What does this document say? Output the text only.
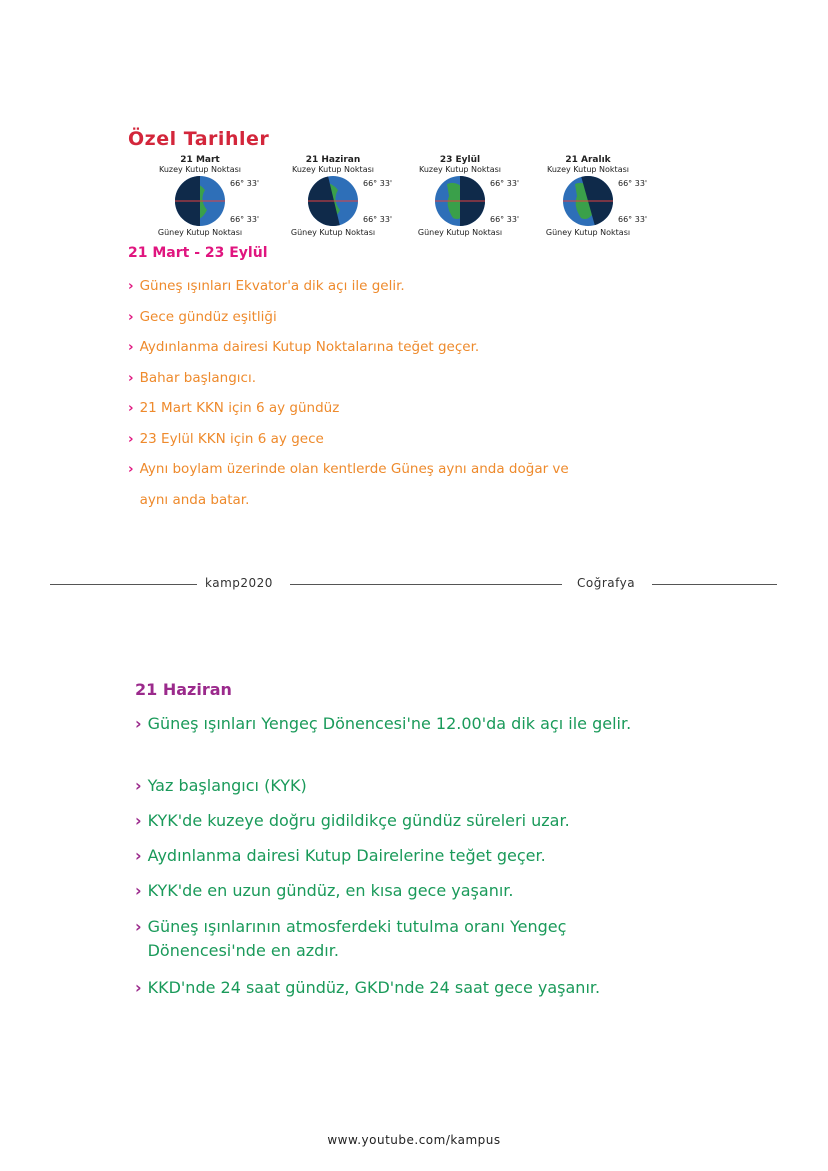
Özel Tarihler
21 Mart
Kuzey Kutup Noktası
66° 33'
66° 33'
Güney Kutup Noktası
21 Haziran
Kuzey Kutup Noktası
66° 33'
66° 33'
Güney Kutup Noktası
23 Eylül
Kuzey Kutup Noktası
66° 33'
66° 33'
Güney Kutup Noktası
21 Aralık
Kuzey Kutup Noktası
66° 33'
66° 33'
Güney Kutup Noktası
21 Mart - 23 Eylül
› Güneş ışınları Ekvator'a dik açı ile gelir.
› Gece gündüz eşitliği
› Aydınlanma dairesi Kutup Noktalarına teğet geçer.
› Bahar başlangıcı.
› 21 Mart KKN için 6 ay gündüz
› 23 Eylül KKN için 6 ay gece
› Aynı boylam üzerinde olan kentlerde Güneş aynı anda doğar ve
aynı anda batar.
kamp2020	Coğrafya
21 Haziran
› Güneş ışınları Yengeç Dönencesi'ne 12.00'da dik açı ile gelir.
› Yaz başlangıcı (KYK)
› KYK'de kuzeye doğru gidildikçe gündüz süreleri uzar.
› Aydınlanma dairesi Kutup Dairelerine teğet geçer.
› KYK'de en uzun gündüz, en kısa gece yaşanır.
› Güneş ışınlarının atmosferdeki tutulma oranı Yengeç Dönencesi'nde en azdır.
› KKD'nde 24 saat gündüz, GKD'nde 24 saat gece yaşanır.
www.youtube.com/kampus
